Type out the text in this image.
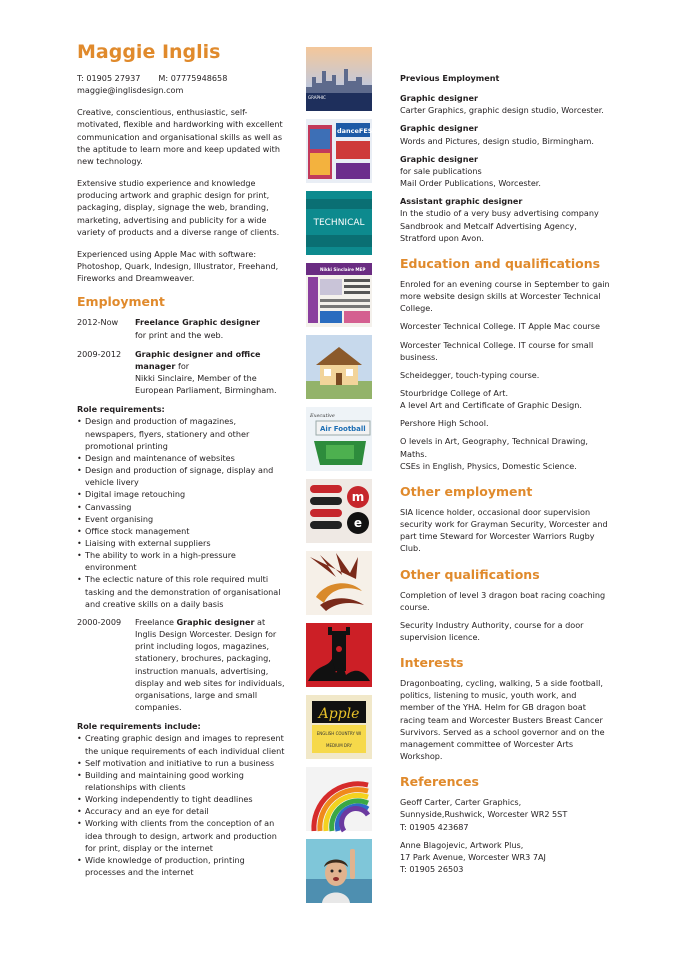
Maggie Inglis
T: 01905 27937 M: 07775948658
maggie@inglisdesign.com
Creative, conscientious, enthusiastic, self-motivated, flexible and hardworking with excellent communication and organisational skills as well as the aptitude to learn more and keep updated with new technology.
Extensive studio experience and knowledge producing artwork and graphic design for print, packaging, display, signage the web, branding, marketing, advertising and publicity for a wide variety of products and a diverse range of clients.
Experienced using Apple Mac with software: Photoshop, Quark, Indesign, Illustrator, Freehand, Fireworks and Dreamweaver.
Employment
2012-Now	Freelance Graphic designer
for print and the web.
2009-2012	Graphic designer and office manager for
Nikki Sinclaire, Member of the European Parliament, Birmingham.
Role requirements:
• Design and production of magazines, newspapers, flyers, stationery and other promotional printing
• Design and maintenance of websites
• Design and production of signage, display and vehicle livery
• Digital image retouching
• Canvassing
• Event organising
• Office stock management
• Liaising with external suppliers
• The ability to work in a high-pressure environment
• The eclectic nature of this role required multi tasking and the demonstration of organisational and creative skills on a daily basis
2000-2009	Freelance Graphic designer at Inglis Design Worcester. Design for print including logos, magazines, stationery, brochures, packaging, instruction manuals, advertising, display and web sites for individuals, organisations, large and small companies.
Role requirements include:
• Creating graphic design and images to represent the unique requirements of each individual client
• Self motivation and initiative to run a business
• Building and maintaining good working relationships with clients
• Working independently to tight deadlines
• Accuracy and an eye for detail
• Working with clients from the conception of an idea through to design, artwork and production for print, display or the internet
• Wide knowledge of production, printing processes and the internet
GRAPHIC
danceFEST
TECHNICAL
Nikki Sinclaire MEP
Executive
Air Football
m
e
Apple
ENGLISH COUNTRY WI
MEDIUM DRY
Previous Employment
Graphic designer
Carter Graphics, graphic design studio, Worcester.
Graphic designer
Words and Pictures, design studio, Birmingham.
Graphic designer
for sale publications
Mail Order Publications, Worcester.
Assistant graphic designer
In the studio of a very busy advertising company
Sandbrook and Metcalf Advertising Agency,
Stratford upon Avon.
Education and qualifications
Enroled for an evening course in September to gain more website design skills at Worcester Technical College.
Worcester Technical College. IT Apple Mac course
Worcester Technical College. IT course for small business.
Scheidegger, touch-typing course.
Stourbridge College of Art.
A level Art and Certificate of Graphic Design.
Pershore High School.
O levels in Art, Geography, Technical Drawing, Maths.
CSEs in English, Physics, Domestic Science.
Other employment
SIA licence holder, occasional door supervision security work for Grayman Security, Worcester and part time Steward for Worcester Warriors Rugby Club.
Other qualifications
Completion of level 3 dragon boat racing coaching course.
Security Industry Authority, course for a door supervision licence.
Interests
Dragonboating, cycling, walking, 5 a side football, politics, listening to music, youth work, and member of the YHA. Helm for GB dragon boat racing team and Worcester Busters Breast Cancer Survivors. Served as a school governor and on the management committee of Worcester Arts Workshop.
References
Geoff Carter, Carter Graphics,
Sunnyside,Rushwick, Worcester WR2 5ST
T: 01905 423687
Anne Blagojevic, Artwork Plus,
17 Park Avenue, Worcester WR3 7AJ
T: 01905 26503
